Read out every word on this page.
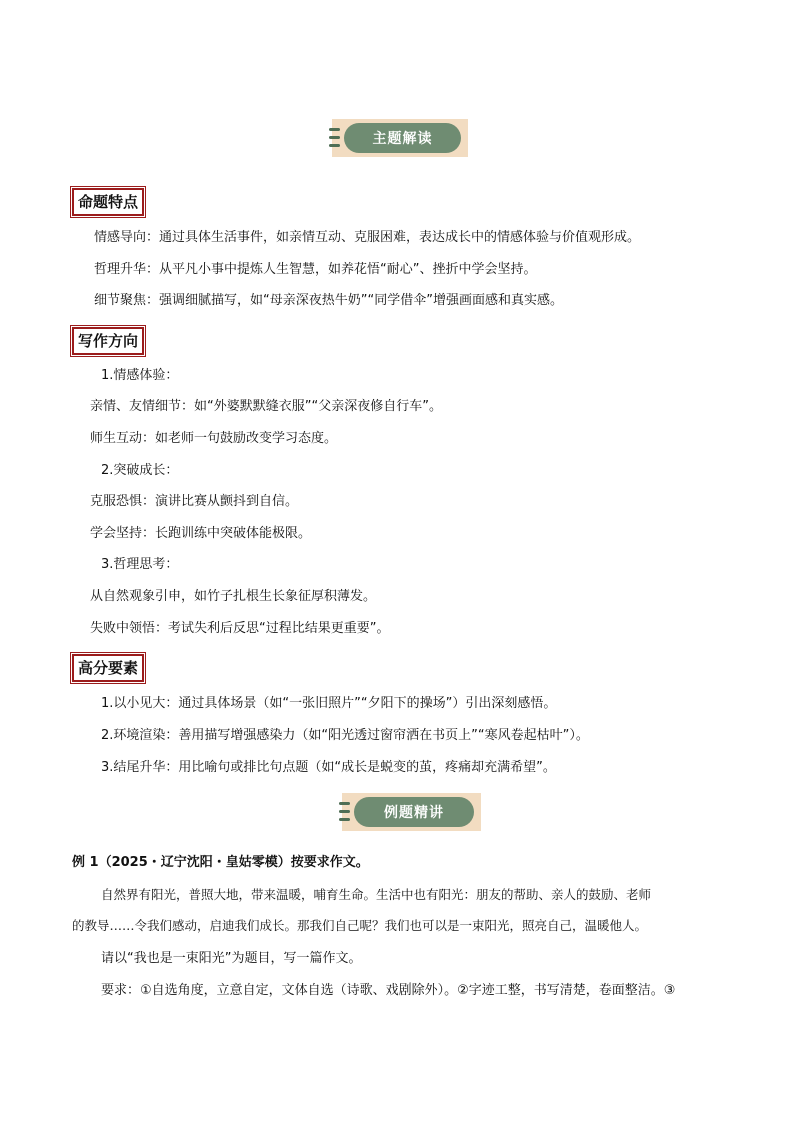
主题解读
命题特点
情感导向：通过具体生活事件，如亲情互动、克服困难，表达成长中的情感体验与价值观形成。
哲理升华：从平凡小事中提炼人生智慧，如养花悟“耐心”、挫折中学会坚持。
细节聚焦：强调细腻描写，如“母亲深夜热牛奶”“同学借伞”增强画面感和真实感。
写作方向
1.情感体验：
亲情、友情细节：如“外婆默默缝衣服”“父亲深夜修自行车”。
师生互动：如老师一句鼓励改变学习态度。
2.突破成长：
克服恐惧：演讲比赛从颤抖到自信。
学会坚持：长跑训练中突破体能极限。
3.哲理思考：
从自然观象引申，如竹子扎根生长象征厚积薄发。
失败中领悟：考试失利后反思“过程比结果更重要”。
高分要素
1.以小见大：通过具体场景（如“一张旧照片”“夕阳下的操场”）引出深刻感悟。
2.环境渲染：善用描写增强感染力（如“阳光透过窗帘洒在书页上”“寒风卷起枯叶”）。
3.结尾升华：用比喻句或排比句点题（如“成长是蜕变的茧，疼痛却充满希望”。
例题精讲
例 1（2025・辽宁沈阳・皇姑零模）按要求作文。
自然界有阳光，普照大地，带来温暖，哺育生命。生活中也有阳光：朋友的帮助、亲人的鼓励、老师
的教导……令我们感动，启迪我们成长。那我们自己呢？我们也可以是一束阳光，照亮自己，温暖他人。
请以“我也是一束阳光”为题目，写一篇作文。
要求：①自选角度，立意自定，文体自选（诗歌、戏剧除外）。②字迹工整，书写清楚，卷面整洁。③
